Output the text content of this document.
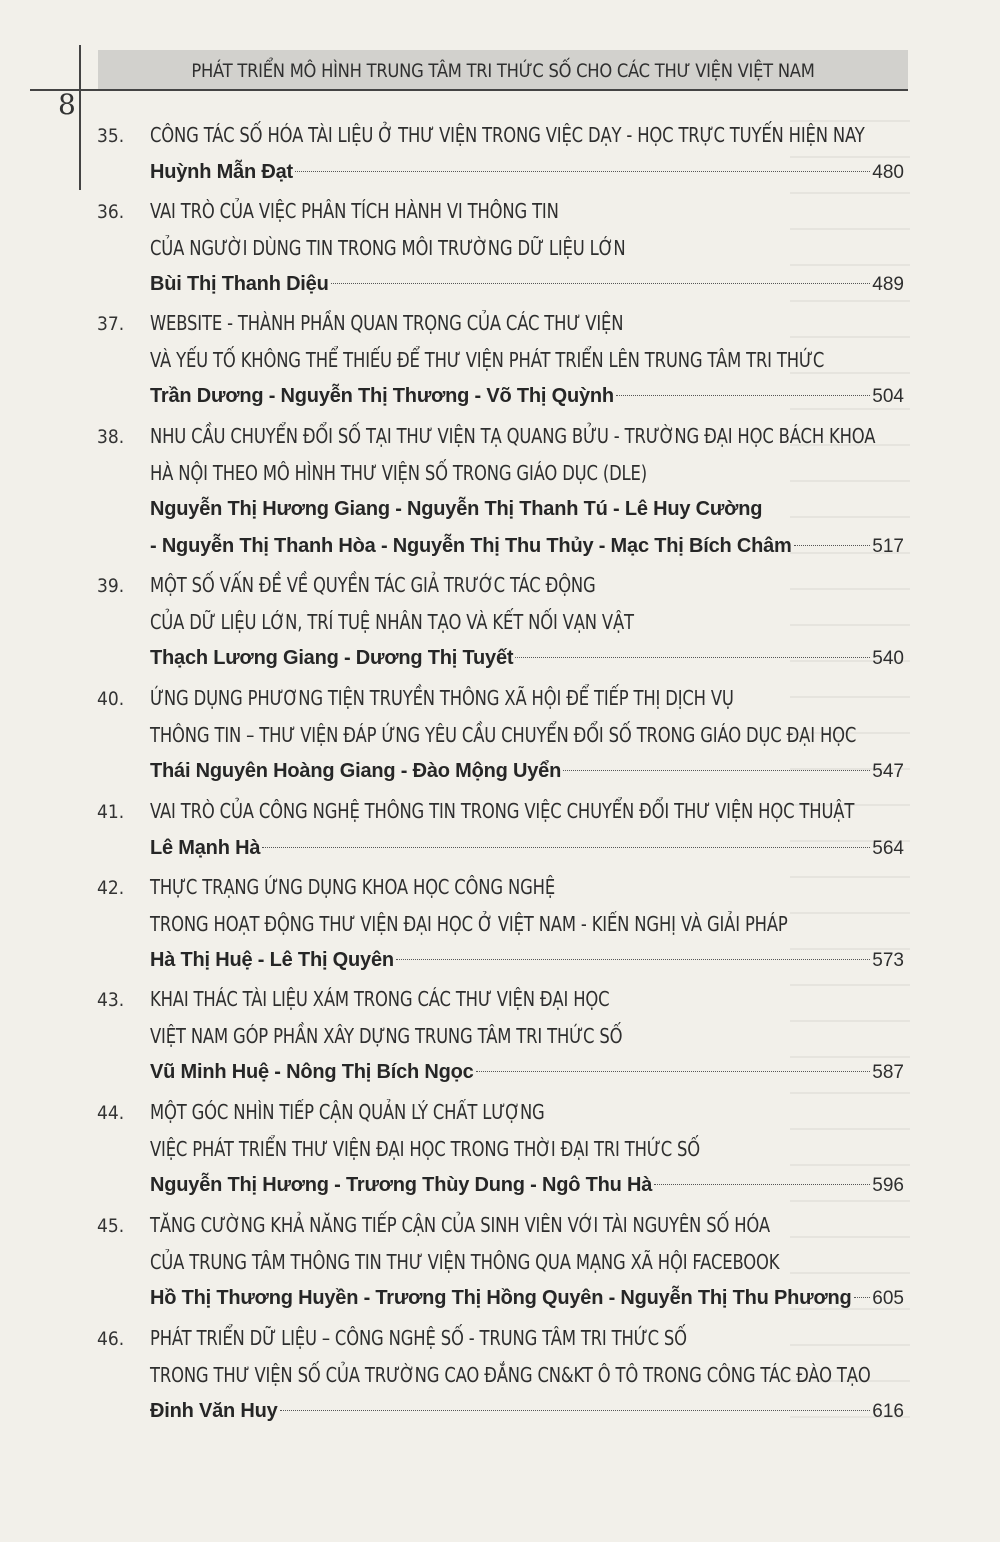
PHÁT TRIỂN MÔ HÌNH TRUNG TÂM TRI THỨC SỐ CHO CÁC THƯ VIỆN VIỆT NAM
8
35. CÔNG TÁC SỐ HÓA TÀI LIỆU Ở THƯ VIỆN TRONG VIỆC DẠY - HỌC TRỰC TUYẾN HIỆN NAY
Huỳnh Mẫn Đạt	480
36. VAI TRÒ CỦA VIỆC PHÂN TÍCH HÀNH VI THÔNG TIN
CỦA NGƯỜI DÙNG TIN TRONG MÔI TRƯỜNG DỮ LIỆU LỚN
Bùi Thị Thanh Diệu	489
37. WEBSITE - THÀNH PHẦN QUAN TRỌNG CỦA CÁC THƯ VIỆN
VÀ YẾU TỐ KHÔNG THỂ THIẾU ĐỂ THƯ VIỆN PHÁT TRIỂN LÊN TRUNG TÂM TRI THỨC
Trần Dương - Nguyễn Thị Thương - Võ Thị Quỳnh	504
38. NHU CẦU CHUYỂN ĐỔI SỐ TẠI THƯ VIỆN TẠ QUANG BỬU - TRƯỜNG ĐẠI HỌC BÁCH KHOA
HÀ NỘI THEO MÔ HÌNH THƯ VIỆN SỐ TRONG GIÁO DỤC (DLE)
Nguyễn Thị Hương Giang - Nguyễn Thị Thanh Tú - Lê Huy Cường
- Nguyễn Thị Thanh Hòa - Nguyễn Thị Thu Thủy - Mạc Thị Bích Châm	517
39. MỘT SỐ VẤN ĐỀ VỀ QUYỀN TÁC GIẢ TRƯỚC TÁC ĐỘNG
CỦA DỮ LIỆU LỚN, TRÍ TUỆ NHÂN TẠO VÀ KẾT NỐI VẠN VẬT
Thạch Lương Giang - Dương Thị Tuyết	540
40. ỨNG DỤNG PHƯƠNG TIỆN TRUYỀN THÔNG XÃ HỘI ĐỂ TIẾP THỊ DỊCH VỤ
THÔNG TIN – THƯ VIỆN ĐÁP ỨNG YÊU CẦU CHUYỂN ĐỔI SỐ TRONG GIÁO DỤC ĐẠI HỌC
Thái Nguyên Hoàng Giang - Đào Mộng Uyển	547
41. VAI TRÒ CỦA CÔNG NGHỆ THÔNG TIN TRONG VIỆC CHUYỂN ĐỔI THƯ VIỆN HỌC THUẬT
Lê Mạnh Hà	564
42. THỰC TRẠNG ỨNG DỤNG KHOA HỌC CÔNG NGHỆ
TRONG HOẠT ĐỘNG THƯ VIỆN ĐẠI HỌC Ở VIỆT NAM - KIẾN NGHỊ VÀ GIẢI PHÁP
Hà Thị Huệ - Lê Thị Quyên	573
43. KHAI THÁC TÀI LIỆU XÁM TRONG CÁC THƯ VIỆN ĐẠI HỌC
VIỆT NAM GÓP PHẦN XÂY DỰNG TRUNG TÂM TRI THỨC SỐ
Vũ Minh Huệ - Nông Thị Bích Ngọc	587
44. MỘT GÓC NHÌN TIẾP CẬN QUẢN LÝ CHẤT LƯỢNG
VIỆC PHÁT TRIỂN THƯ VIỆN ĐẠI HỌC TRONG THỜI ĐẠI TRI THỨC SỐ
Nguyễn Thị Hương - Trương Thùy Dung - Ngô Thu Hà	596
45. TĂNG CƯỜNG KHẢ NĂNG TIẾP CẬN CỦA SINH VIÊN VỚI TÀI NGUYÊN SỐ HÓA
CỦA TRUNG TÂM THÔNG TIN THƯ VIỆN THÔNG QUA MẠNG XÃ HỘI FACEBOOK
Hồ Thị Thương Huyền - Trương Thị Hồng Quyên - Nguyễn Thị Thu Phương 605
46. PHÁT TRIỂN DỮ LIỆU – CÔNG NGHỆ SỐ - TRUNG TÂM TRI THỨC SỐ
TRONG THƯ VIỆN SỐ CỦA TRƯỜNG CAO ĐẲNG CN&KT Ô TÔ TRONG CÔNG TÁC ĐÀO TẠO
Đinh Văn Huy	616
